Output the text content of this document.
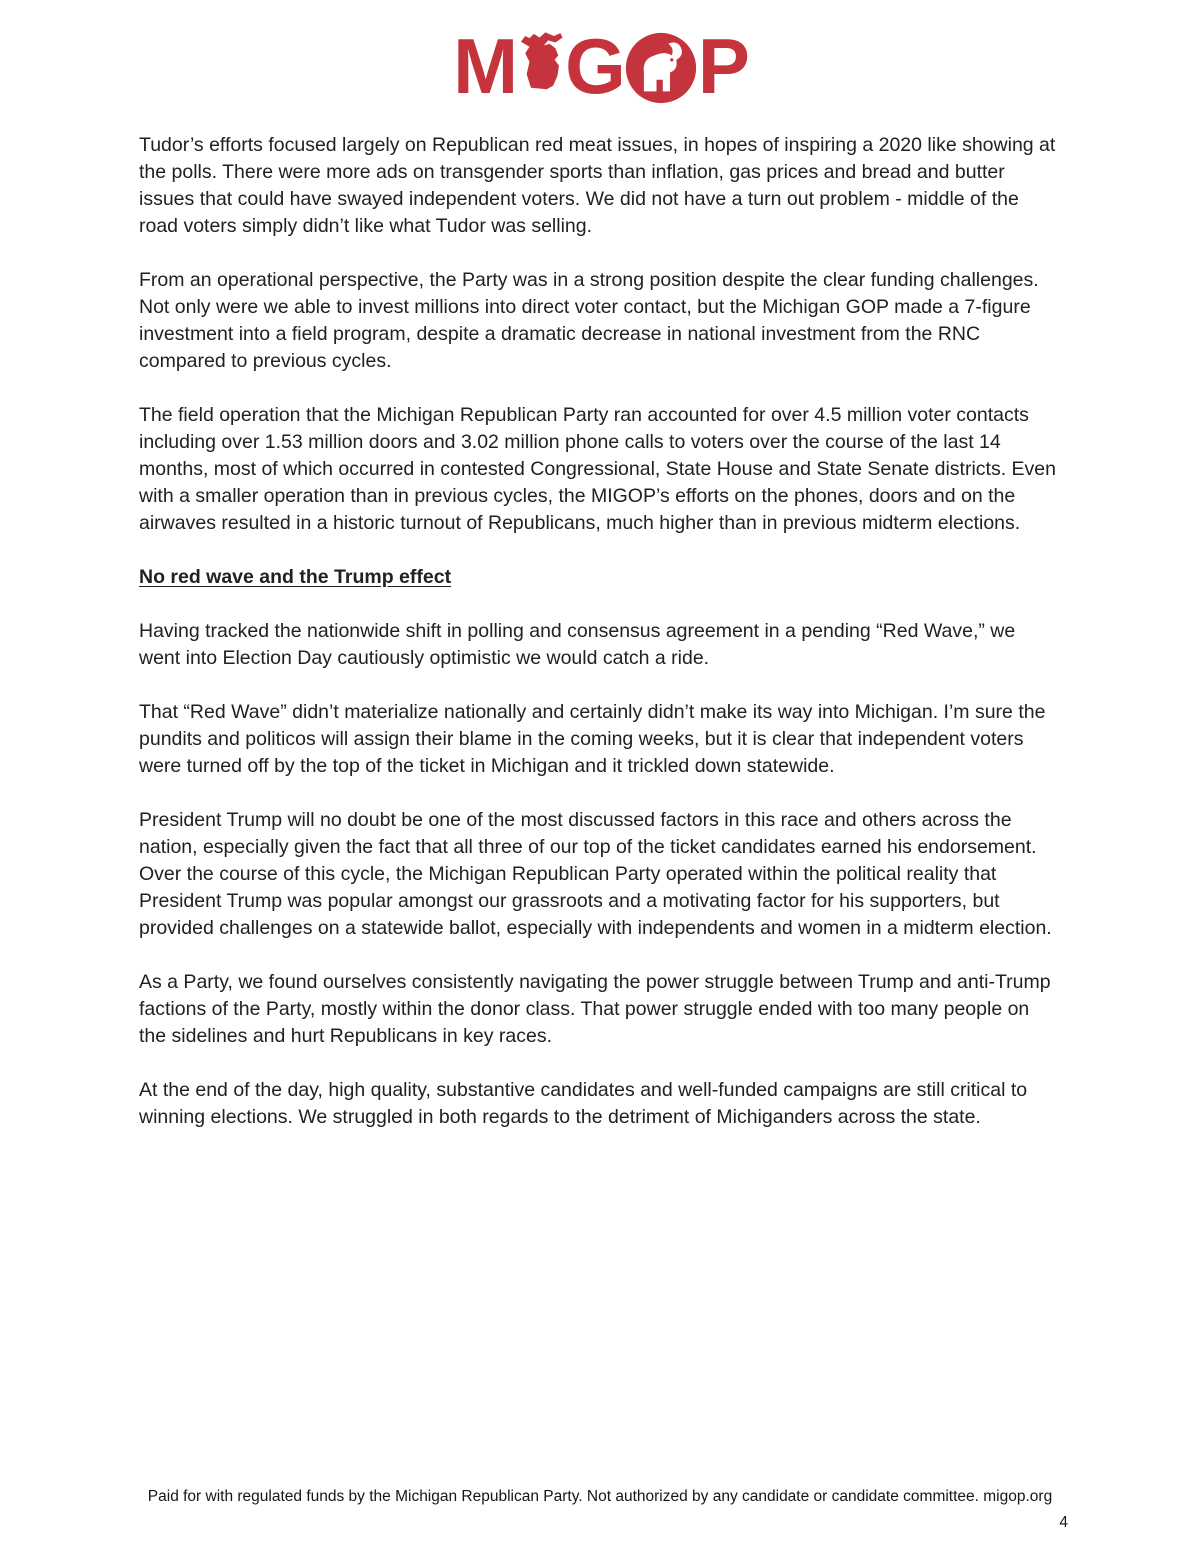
M G P

Tudor’s efforts focused largely on Republican red meat issues, in hopes of inspiring a 2020 like showing at the polls. There were more ads on transgender sports than inflation, gas prices and bread and butter issues that could have swayed independent voters. We did not have a turn out problem - middle of the road voters simply didn’t like what Tudor was selling.

From an operational perspective, the Party was in a strong position despite the clear funding challenges. Not only were we able to invest millions into direct voter contact, but the Michigan GOP made a 7-figure investment into a field program, despite a dramatic decrease in national investment from the RNC compared to previous cycles.

The field operation that the Michigan Republican Party ran accounted for over 4.5 million voter contacts including over 1.53 million doors and 3.02 million phone calls to voters over the course of the last 14 months, most of which occurred in contested Congressional, State House and State Senate districts. Even with a smaller operation than in previous cycles, the MIGOP’s efforts on the phones, doors and on the airwaves resulted in a historic turnout of Republicans, much higher than in previous midterm elections.

No red wave and the Trump effect

Having tracked the nationwide shift in polling and consensus agreement in a pending “Red Wave,” we went into Election Day cautiously optimistic we would catch a ride.

That “Red Wave” didn’t materialize nationally and certainly didn’t make its way into Michigan. I’m sure the pundits and politicos will assign their blame in the coming weeks, but it is clear that independent voters were turned off by the top of the ticket in Michigan and it trickled down statewide.

President Trump will no doubt be one of the most discussed factors in this race and others across the nation, especially given the fact that all three of our top of the ticket candidates earned his endorsement. Over the course of this cycle, the Michigan Republican Party operated within the political reality that President Trump was popular amongst our grassroots and a motivating factor for his supporters, but provided challenges on a statewide ballot, especially with independents and women in a midterm election.

As a Party, we found ourselves consistently navigating the power struggle between Trump and anti-Trump factions of the Party, mostly within the donor class. That power struggle ended with too many people on the sidelines and hurt Republicans in key races.

At the end of the day, high quality, substantive candidates and well-funded campaigns are still critical to winning elections. We struggled in both regards to the detriment of Michiganders across the state.

Paid for with regulated funds by the Michigan Republican Party. Not authorized by any candidate or candidate committee. migop.org
4
